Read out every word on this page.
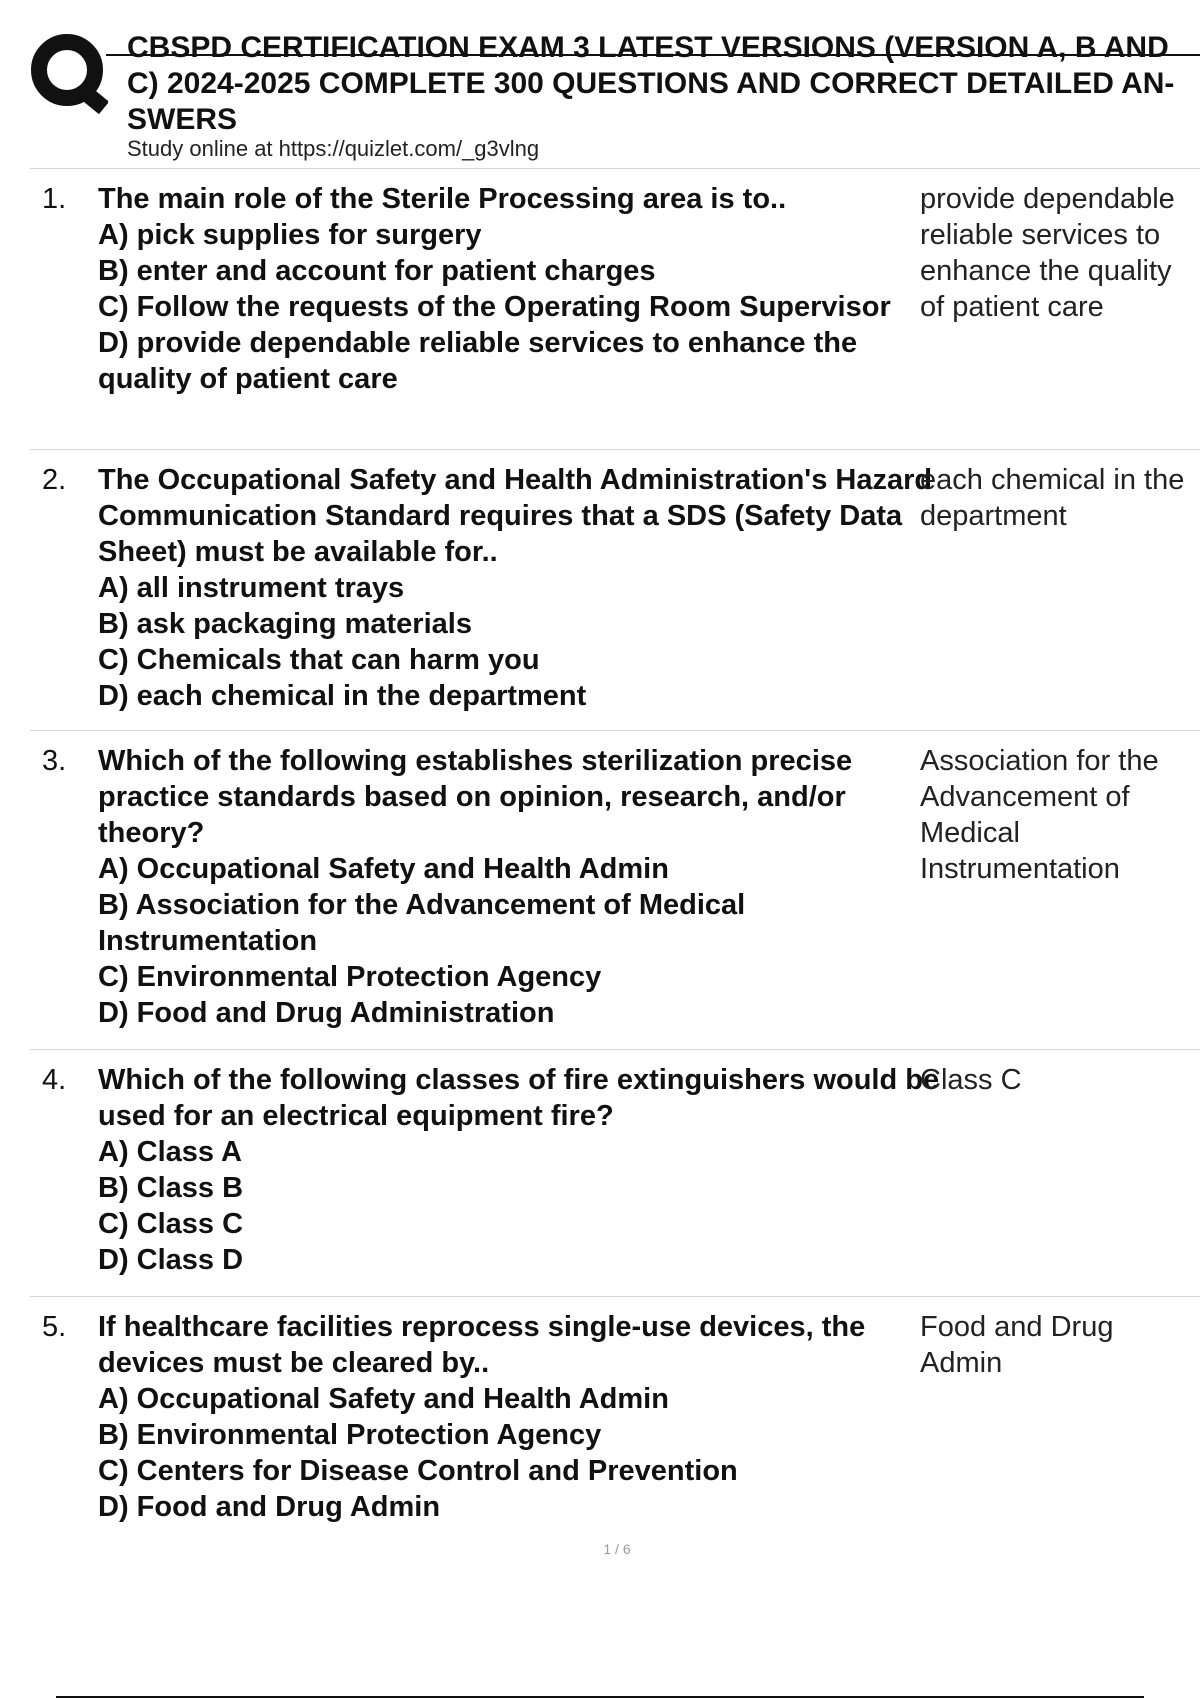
CBSPD CERTIFICATION EXAM 3 LATEST VERSIONS (VERSION A, B AND
C) 2024-2025 COMPLETE 300 QUESTIONS AND CORRECT DETAILED AN-
SWERS
Study online at https://quizlet.com/_g3vlng
1. The main role of the Sterile Processing area is to..
A) pick supplies for surgery
B) enter and account for patient charges
C) Follow the requests of the Operating Room Supervisor
D) provide dependable reliable services to enhance the quality of patient care
provide dependable reliable services to enhance the quality of patient care
2. The Occupational Safety and Health Administration's Hazard Communication Standard requires that a SDS (Safety Data Sheet) must be available for..
A) all instrument trays
B) ask packaging materials
C) Chemicals that can harm you
D) each chemical in the department
each chemical in the department
3. Which of the following establishes sterilization precise practice standards based on opinion, research, and/or theory?
A) Occupational Safety and Health Admin
B) Association for the Advancement of Medical Instrumentation
C) Environmental Protection Agency
D) Food and Drug Administration
Association for the Advancement of Medical Instrumentation
4. Which of the following classes of fire extinguishers would be used for an electrical equipment fire?
A) Class A
B) Class B
C) Class C
D) Class D
Class C
5. If healthcare facilities reprocess single-use devices, the devices must be cleared by..
A) Occupational Safety and Health Admin
B) Environmental Protection Agency
C) Centers for Disease Control and Prevention
D) Food and Drug Admin
Food and Drug Admin
1 / 6
